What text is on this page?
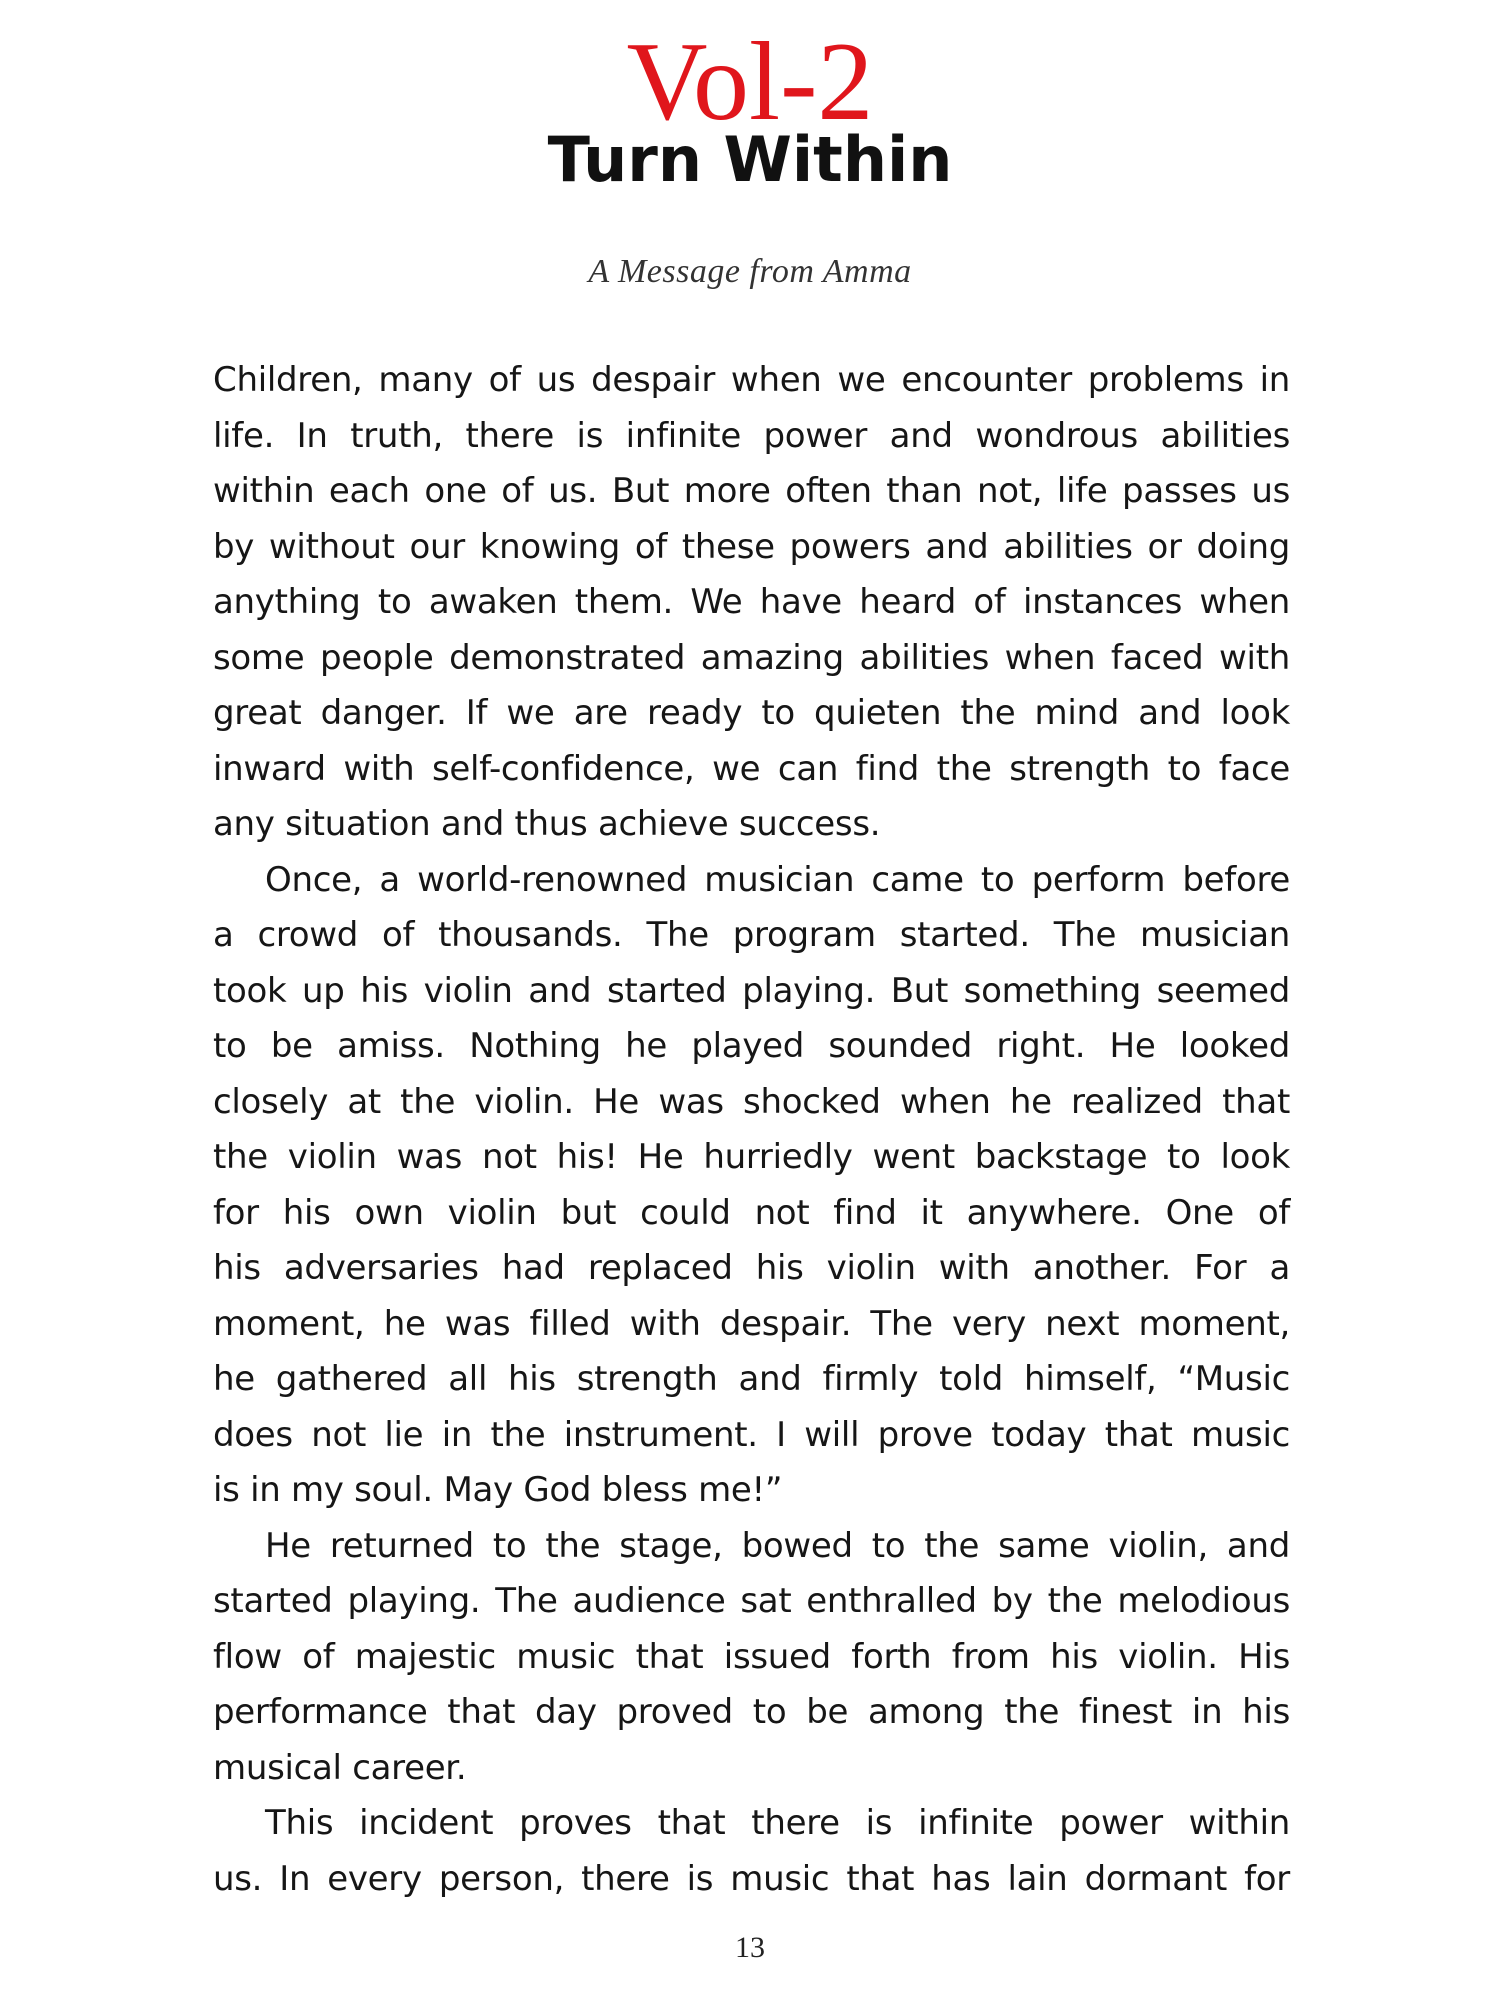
Vol-2
Turn Within
A Message from Amma

Children, many of us despair when we encounter problems in
life. In truth, there is infinite power and wondrous abilities
within each one of us. But more often than not, life passes us
by without our knowing of these powers and abilities or doing
anything to awaken them. We have heard of instances when
some people demonstrated amazing abilities when faced with
great danger. If we are ready to quieten the mind and look
inward with self-confidence, we can find the strength to face
any situation and thus achieve success.

Once, a world-renowned musician came to perform before
a crowd of thousands. The program started. The musician
took up his violin and started playing. But something seemed
to be amiss. Nothing he played sounded right. He looked
closely at the violin. He was shocked when he realized that
the violin was not his! He hurriedly went backstage to look
for his own violin but could not find it anywhere. One of
his adversaries had replaced his violin with another. For a
moment, he was filled with despair. The very next moment,
he gathered all his strength and firmly told himself, “Music
does not lie in the instrument. I will prove today that music
is in my soul. May God bless me!”

He returned to the stage, bowed to the same violin, and
started playing. The audience sat enthralled by the melodious
flow of majestic music that issued forth from his violin. His
performance that day proved to be among the finest in his
musical career.

This incident proves that there is infinite power within
us. In every person, there is music that has lain dormant for

13
